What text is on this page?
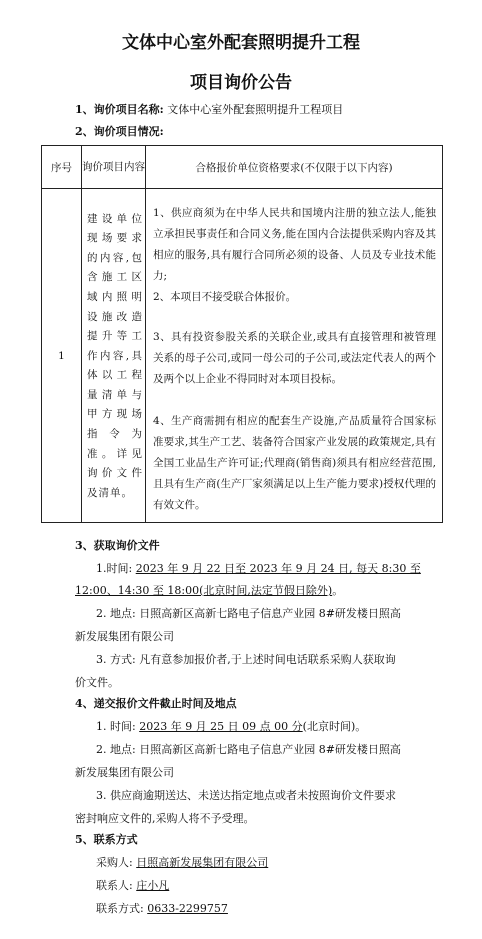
文体中心室外配套照明提升工程
项目询价公告
1、询价项目名称: 文体中心室外配套照明提升工程项目
2、询价项目情况:
序号	询价项目内容	合格报价单位资格要求(不仅限于以下内容)
1	建设单位现场要求的内容,包含施工区域内照明设施改造提升等工作内容,具体以工程量清单与甲方现场指令为准。详见询价文件及清单。	1、供应商须为在中华人民共和国境内注册的独立法人,能独立承担民事责任和合同义务,能在国内合法提供采购内容及其相应的服务,具有履行合同所必须的设备、人员及专业技术能力;

2、本项目不接受联合体报价。

3、具有投资参股关系的关联企业,或具有直接管理和被管理关系的母子公司,或同一母公司的子公司,或法定代表人的两个及两个以上企业不得同时对本项目投标。

4、生产商需拥有相应的配套生产设施,产品质量符合国家标准要求,其生产工艺、装备符合国家产业发展的政策规定,具有全国工业品生产许可证;代理商(销售商)须具有相应经营范围,且具有生产商(生产厂家须满足以上生产能力要求)授权代理的有效文件。

3、获取询价文件
1.时间: 2023 年 9 月 22 日至 2023 年 9 月 24 日, 每天 8:30 至
12:00、14:30 至 18:00(北京时间,法定节假日除外)。
2. 地点: 日照高新区高新七路电子信息产业园 8#研发楼日照高
新发展集团有限公司
3. 方式: 凡有意参加报价者,于上述时间电话联系采购人获取询
价文件。
4、递交报价文件截止时间及地点
1. 时间: 2023 年 9 月 25 日 09 点 00 分(北京时间)。
2. 地点: 日照高新区高新七路电子信息产业园 8#研发楼日照高
新发展集团有限公司
3. 供应商逾期送达、未送达指定地点或者未按照询价文件要求
密封响应文件的,采购人将不予受理。
5、联系方式
采购人: 日照高新发展集团有限公司
联系人: 庄小凡
联系方式: 0633-2299757
